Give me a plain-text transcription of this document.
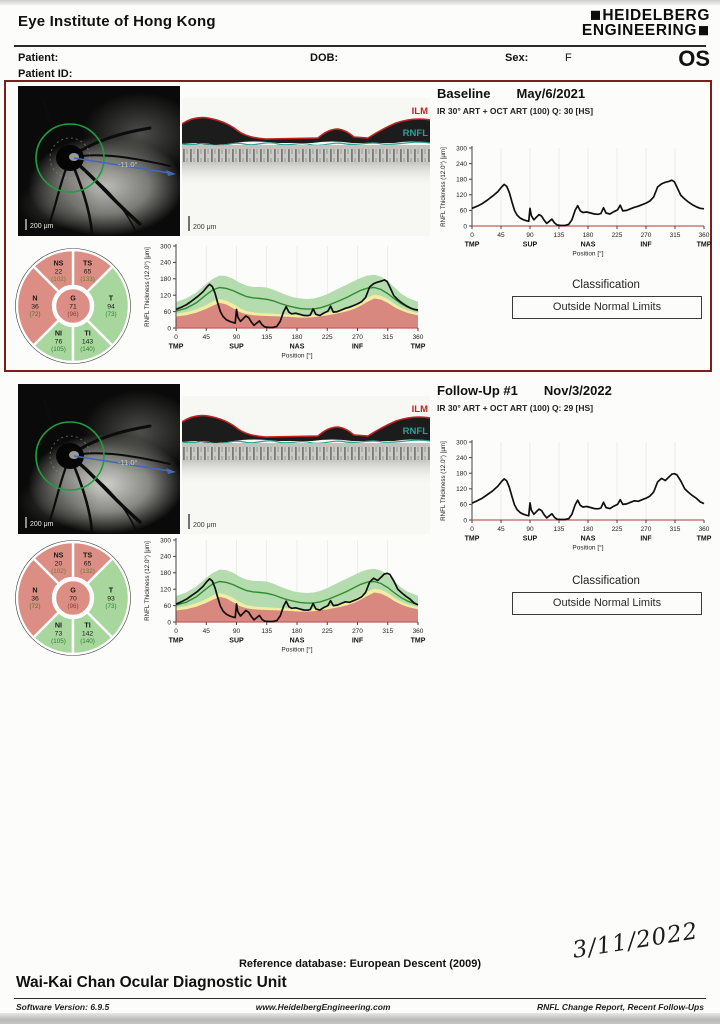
Eye Institute of Hong Kong	HEIDELBERG
ENGINEERING
Patient:	DOB:	Sex:	F
Patient ID:
OS
Baseline May/6/2021
IR 30° ART + OCT ART (100) Q: 30 [HS]
-11.0°
200 μm
ILM
RNFL
200 μm	0
60
120
180
240
300
0	45	90	135	180	225	270	315	360
TMP	SUP	NAS	INF	TMP
Position [°]
RNFL Thickness (12.0°) [μm]
Classification
Outside Normal Limits
TS
65
(133)
NS
22
(102)
N
36
(72)
NI
76
(105)
TI
143
(140)
T
94
(73)
G
71
(96)
0
60
120
180
240
300
0	45	90	135	180	225	270	315	360
TMP	SUP	NAS	INF	TMP
Position [°]
RNFL Thickness (12.0°) [μm]
Follow-Up #1 Nov/3/2022
IR 30° ART + OCT ART (100) Q: 29 [HS]
-11.0°
200 μm
ILM
RNFL
200 μm
0
60
120
180
240
300
0	45	90	135	180	225	270	315	360
TMP	SUP	NAS	INF	TMP
Position [°]
RNFL Thickness (12.0°) [μm]
Classification
Outside Normal Limits
TS
65
(132)
NS
20
(102)
N
36
(72)
NI
73
(105)
TI
142
(140)
T
93
(73)
G
70
(96)
0
60
120
180
240
300
0	45	90	135	180	225	270	315	360
TMP	SUP	NAS	INF	TMP
Position [°]
RNFL Thickness (12.0°) [μm]
3/11/2022
Reference database: European Descent (2009)
Wai-Kai Chan Ocular Diagnostic Unit
Software Version: 6.9.5	www.HeidelbergEngineering.com	RNFL Change Report, Recent Follow-Ups
